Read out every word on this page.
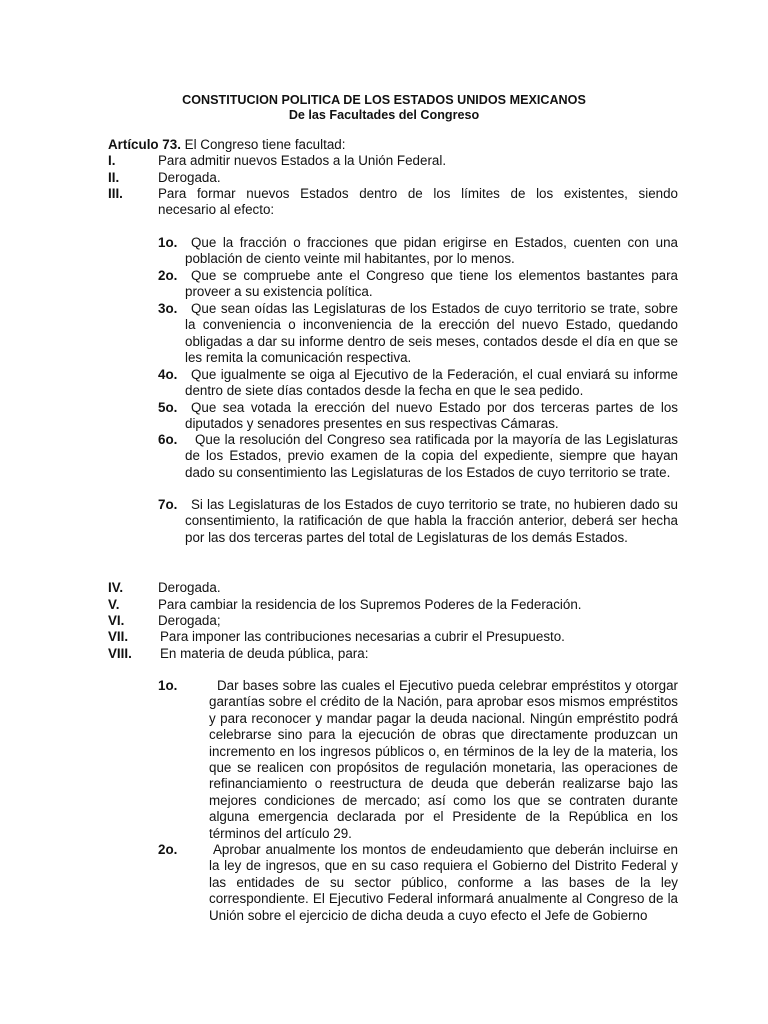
CONSTITUCION POLITICA DE LOS ESTADOS UNIDOS MEXICANOS
De las Facultades del Congreso
Artículo 73. El Congreso tiene facultad:
I.	Para admitir nuevos Estados a la Unión Federal.
II.	Derogada.
III.	Para formar nuevos Estados dentro de los límites de los existentes, siendo
necesario al efecto:
1o.	Que la fracción o fracciones que pidan erigirse en Estados, cuenten con una población de ciento veinte mil habitantes, por lo menos.
2o.	Que se compruebe ante el Congreso que tiene los elementos bastantes para proveer a su existencia política.
3o.	Que sean oídas las Legislaturas de los Estados de cuyo territorio se trate, sobre la conveniencia o inconveniencia de la erección del nuevo Estado, quedando obligadas a dar su informe dentro de seis meses, contados desde el día en que se les remita la comunicación respectiva.
4o.	Que igualmente se oiga al Ejecutivo de la Federación, el cual enviará su informe dentro de siete días contados desde la fecha en que le sea pedido.
5o.	Que sea votada la erección del nuevo Estado por dos terceras partes de los diputados y senadores presentes en sus respectivas Cámaras.
6o.	Que la resolución del Congreso sea ratificada por la mayoría de las Legislaturas de los Estados, previo examen de la copia del expediente, siempre que hayan dado su consentimiento las Legislaturas de los Estados de cuyo territorio se trate.
7o.	Si las Legislaturas de los Estados de cuyo territorio se trate, no hubieren dado su consentimiento, la ratificación de que habla la fracción anterior, deberá ser hecha por las dos terceras partes del total de Legislaturas de los demás Estados.
IV.	Derogada.
V.	Para cambiar la residencia de los Supremos Poderes de la Federación.
VI.	Derogada;
VII. Para imponer las contribuciones necesarias a cubrir el Presupuesto.
VIII. En materia de deuda pública, para:
1o.	Dar bases sobre las cuales el Ejecutivo pueda celebrar empréstitos y otorgar garantías sobre el crédito de la Nación, para aprobar esos mismos empréstitos y para reconocer y mandar pagar la deuda nacional. Ningún empréstito podrá celebrarse sino para la ejecución de obras que directamente produzcan un incremento en los ingresos públicos o, en términos de la ley de la materia, los que se realicen con propósitos de regulación monetaria, las operaciones de refinanciamiento o reestructura de deuda que deberán realizarse bajo las mejores condiciones de mercado; así como los que se contraten durante alguna emergencia declarada por el Presidente de la República en los términos del artículo 29.
2o.	Aprobar anualmente los montos de endeudamiento que deberán incluirse en la ley de ingresos, que en su caso requiera el Gobierno del Distrito Federal y las entidades de su sector público, conforme a las bases de la ley correspondiente. El Ejecutivo Federal informará anualmente al Congreso de la Unión sobre el ejercicio de dicha deuda a cuyo efecto el Jefe de Gobierno
